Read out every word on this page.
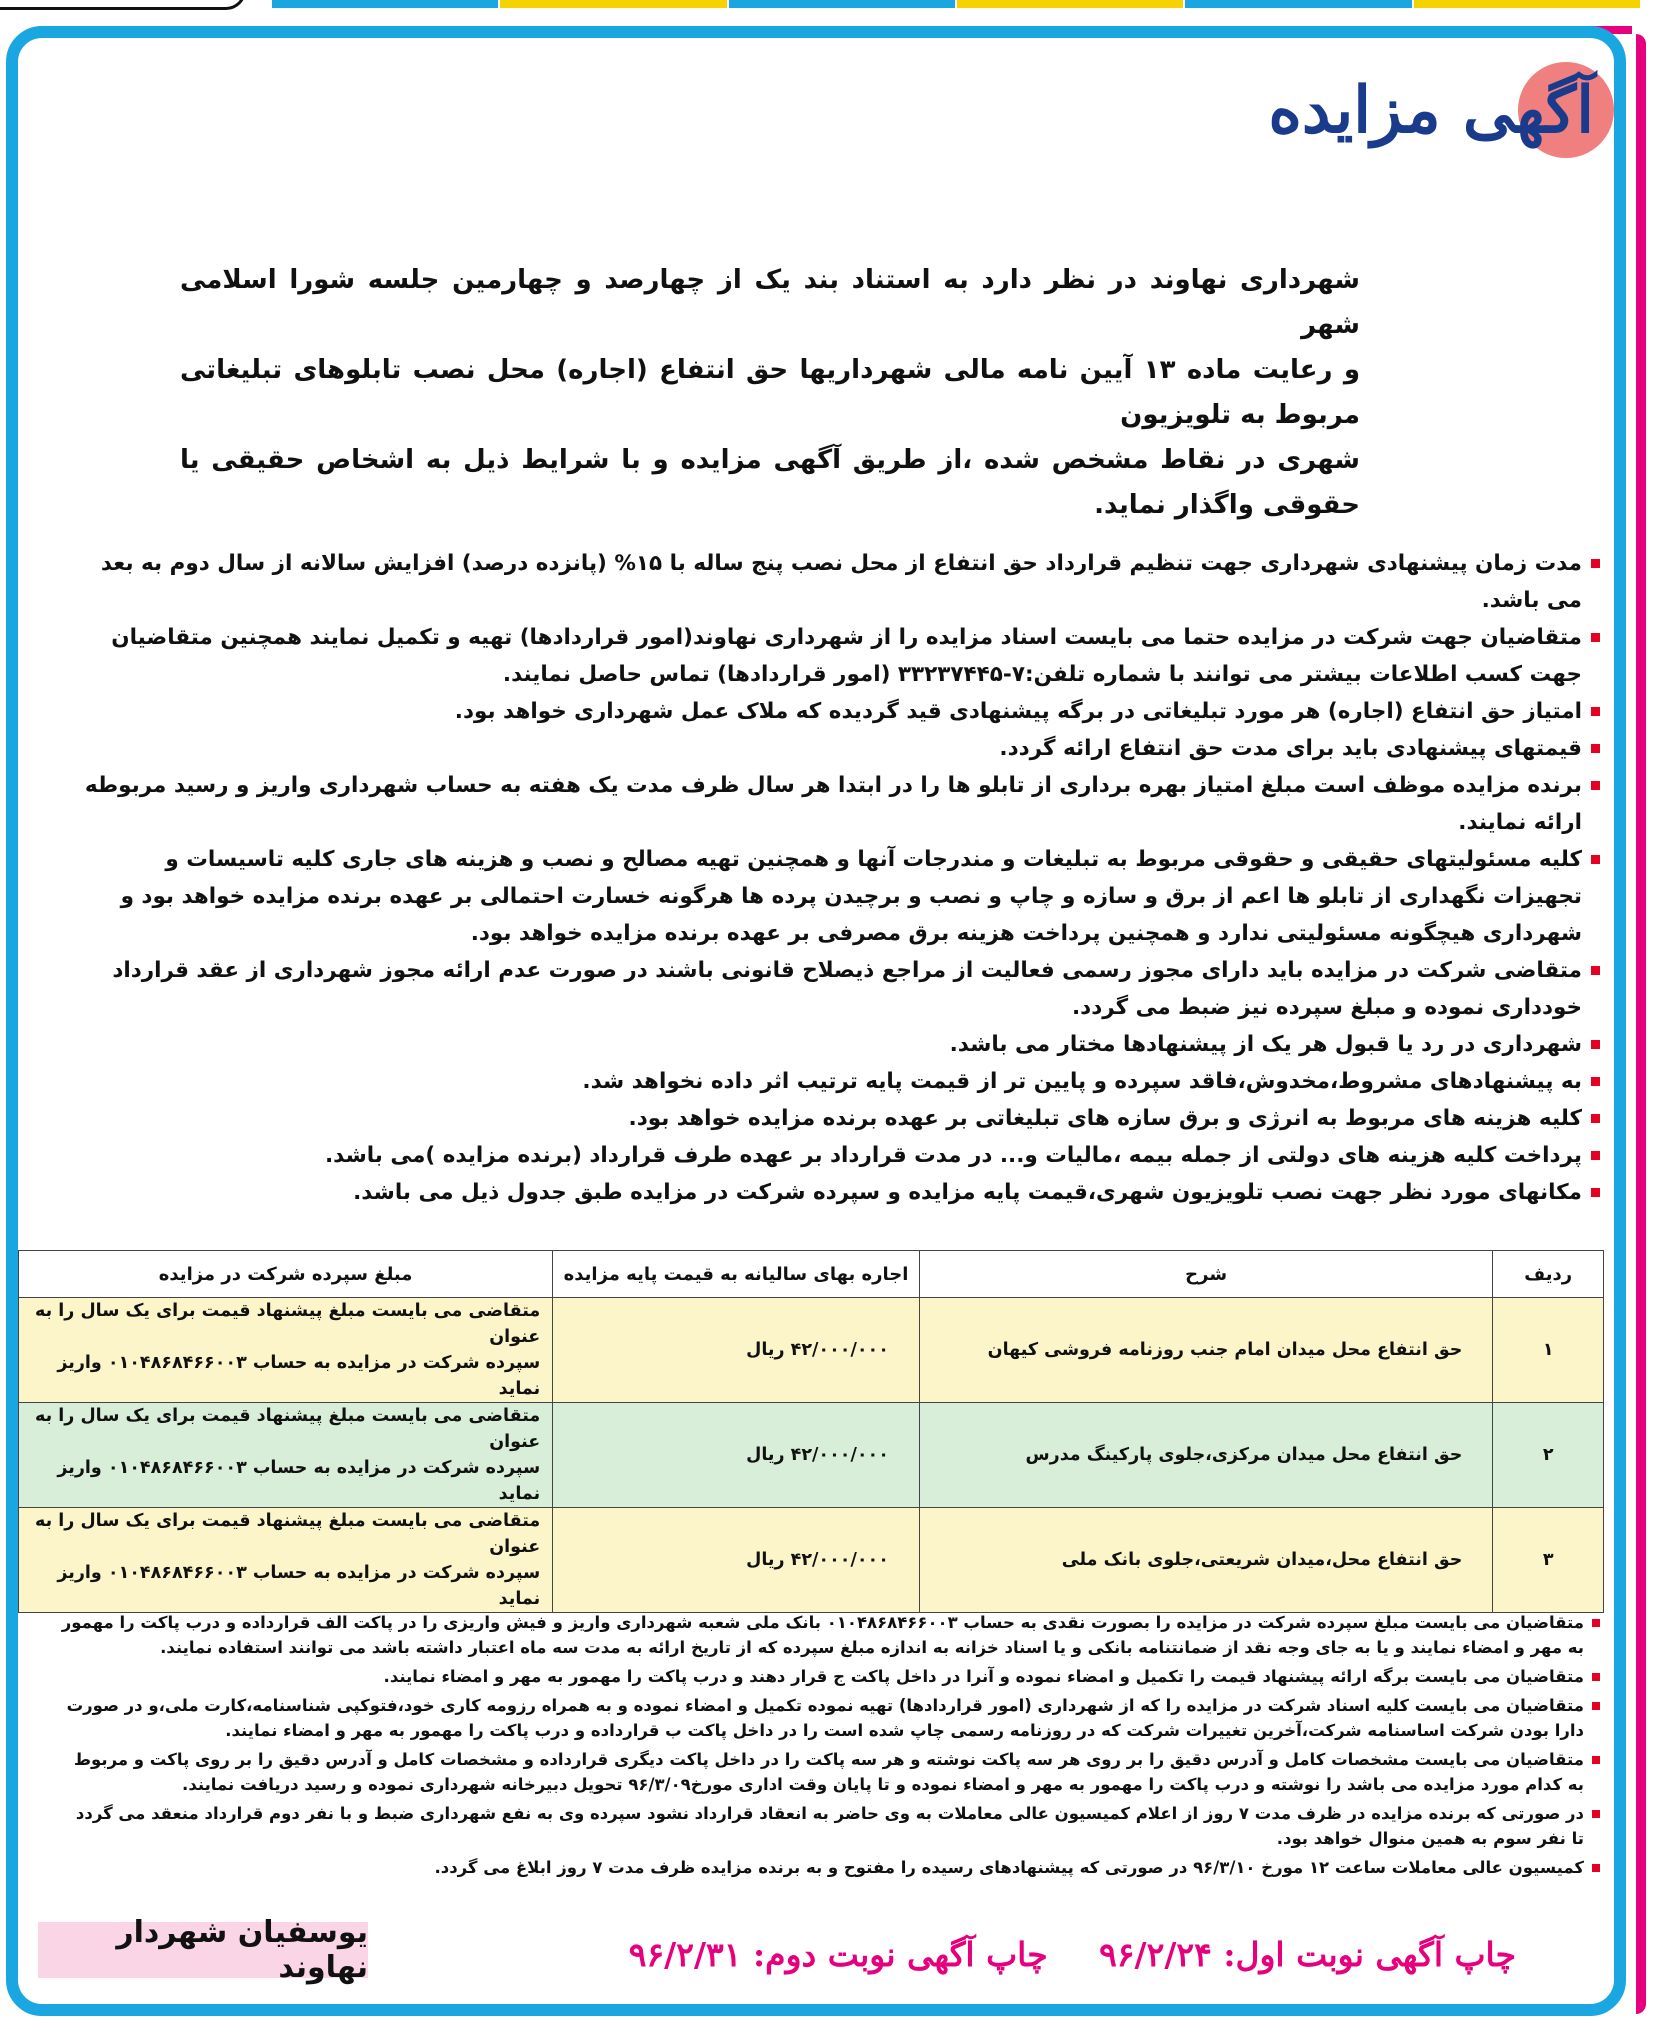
آگهی مزایده

شهرداری نهاوند در نظر دارد به استناد بند یک از چهارصد و چهارمین جلسه شورا اسلامی شهر

و رعایت ماده ۱۳ آیین نامه مالی شهرداریها حق انتفاع (اجاره) محل نصب تابلوهای تبلیغاتی مربوط به تلویزیون

شهری در نقاط مشخص شده ،از طریق آگهی مزایده و با شرایط ذیل به اشخاص حقیقی یا حقوقی واگذار نماید.

مدت زمان پیشنهادی شهرداری جهت تنظیم قرارداد حق انتفاع از محل نصب پنج ساله با ۱۵% (پانزده درصد) افزایش سالانه از سال دوم به بعد می باشد.
متقاضیان جهت شرکت در مزایده حتما می بایست اسناد مزایده را از شهرداری نهاوند(امور قراردادها) تهیه و تکمیل نمایند همچنین متقاضیان جهت کسب اطلاعات بیشتر می توانند با شماره تلفن:۷-۳۳۲۳۷۴۴۵ (امور قراردادها) تماس حاصل نمایند.
امتیاز حق انتفاع (اجاره) هر مورد تبلیغاتی در برگه پیشنهادی قید گردیده که ملاک عمل شهرداری خواهد بود.
قیمتهای پیشنهادی باید برای مدت حق انتفاع ارائه گردد.
برنده مزایده موظف است مبلغ امتیاز بهره برداری از تابلو ها را در ابتدا هر سال ظرف مدت یک هفته به حساب شهرداری واریز و رسید مربوطه ارائه نمایند.
کلیه مسئولیتهای حقیقی و حقوقی مربوط به تبلیغات و مندرجات آنها و همچنین تهیه مصالح و نصب و هزینه های جاری کلیه تاسیسات و تجهیزات نگهداری از تابلو ها اعم از برق و سازه و چاپ و نصب و برچیدن پرده ها هرگونه خسارت احتمالی بر عهده برنده مزایده خواهد بود و شهرداری هیچگونه مسئولیتی ندارد و همچنین پرداخت هزینه برق مصرفی بر عهده برنده مزایده خواهد بود.
متقاضی شرکت در مزایده باید دارای مجوز رسمی فعالیت از مراجع ذیصلاح قانونی باشند در صورت عدم ارائه مجوز شهرداری از عقد قرارداد خودداری نموده و مبلغ سپرده نیز ضبط می گردد.
شهرداری در رد یا قبول هر یک از پیشنهادها مختار می باشد.
به پیشنهادهای مشروط،مخدوش،فاقد سپرده و پایین تر از قیمت پایه ترتیب اثر داده نخواهد شد.
کلیه هزینه های مربوط به انرژی و برق سازه های تبلیغاتی بر عهده برنده مزایده خواهد بود.
پرداخت کلیه هزینه های دولتی از جمله بیمه ،مالیات و... در مدت قرارداد بر عهده طرف قرارداد (برنده مزایده )می باشد.
مکانهای مورد نظر جهت نصب تلویزیون شهری،قیمت پایه مزایده و سپرده شرکت در مزایده طبق جدول ذیل می باشد.
ردیف	شرح	اجاره بهای سالیانه به قیمت پایه مزایده	مبلغ سپرده شرکت در مزایده
۱	حق انتفاع محل میدان امام جنب روزنامه فروشی کیهان	۴۲/۰۰۰/۰۰۰ ریال	متقاضی می بایست مبلغ پیشنهاد قیمت برای یک سال را به عنوان
سپرده شرکت در مزایده به حساب ۰۱۰۴۸۶۸۴۶۶۰۰۳ واریز نماید

۲	حق انتفاع محل میدان مرکزی،جلوی پارکینگ مدرس	۴۲/۰۰۰/۰۰۰ ریال	متقاضی می بایست مبلغ پیشنهاد قیمت برای یک سال را به عنوان
سپرده شرکت در مزایده به حساب ۰۱۰۴۸۶۸۴۶۶۰۰۳ واریز نماید

۳	حق انتفاع محل،میدان شریعتی،جلوی بانک ملی	۴۲/۰۰۰/۰۰۰ ریال	متقاضی می بایست مبلغ پیشنهاد قیمت برای یک سال را به عنوان
سپرده شرکت در مزایده به حساب ۰۱۰۴۸۶۸۴۶۶۰۰۳ واریز نماید
متقاضیان می بایست مبلغ سپرده شرکت در مزایده را بصورت نقدی به حساب ۰۱۰۴۸۶۸۴۶۶۰۰۳ بانک ملی شعبه شهرداری واریز و فیش واریزی را در پاکت الف قرارداده و درب پاکت را مهمور به مهر و امضاء نمایند و یا به جای وجه نقد از ضمانتنامه بانکی و یا اسناد خزانه به اندازه مبلغ سپرده که از تاریخ ارائه به مدت سه ماه اعتبار داشته باشد می توانند استفاده نمایند.
متقاضیان می بایست برگه ارائه پیشنهاد قیمت را تکمیل و امضاء نموده و آنرا در داخل پاکت ج قرار دهند و درب پاکت را مهمور به مهر و امضاء نمایند.
متقاضیان می بایست کلیه اسناد شرکت در مزایده را که از شهرداری (امور قراردادها) تهیه نموده تکمیل و امضاء نموده و به همراه رزومه کاری خود،فتوکپی شناسنامه،کارت ملی،و در صورت دارا بودن شرکت اساسنامه شرکت،آخرین تغییرات شرکت که در روزنامه رسمی چاپ شده است را در داخل پاکت ب قرارداده و درب پاکت را مهمور به مهر و امضاء نمایند.
متقاضیان می بایست مشخصات کامل و آدرس دقیق را بر روی هر سه پاکت نوشته و هر سه پاکت را در داخل پاکت دیگری قرارداده و مشخصات کامل و آدرس دقیق را بر روی پاکت و مربوط به کدام مورد مزایده می باشد را نوشته و درب پاکت را مهمور به مهر و امضاء نموده و تا پایان وقت اداری مورخ۹۶/۳/۰۹ تحویل دبیرخانه شهرداری نموده و رسید دریافت نمایند.
در صورتی که برنده مزایده در ظرف مدت ۷ روز از اعلام کمیسیون عالی معاملات به وی حاضر به انعقاد قرارداد نشود سپرده وی به نفع شهرداری ضبط و با نفر دوم قرارداد منعقد می گردد تا نفر سوم به همین منوال خواهد بود.
کمیسیون عالی معاملات ساعت ۱۲ مورخ ۹۶/۳/۱۰ در صورتی که پیشنهادهای رسیده را مفتوح و به برنده مزایده ظرف مدت ۷ روز ابلاغ می گردد.
چاپ آگهی نوبت اول: ۹۶/۲/۲۴ چاپ آگهی نوبت دوم: ۹۶/۲/۳۱
یوسفیان شهردار نهاوند
